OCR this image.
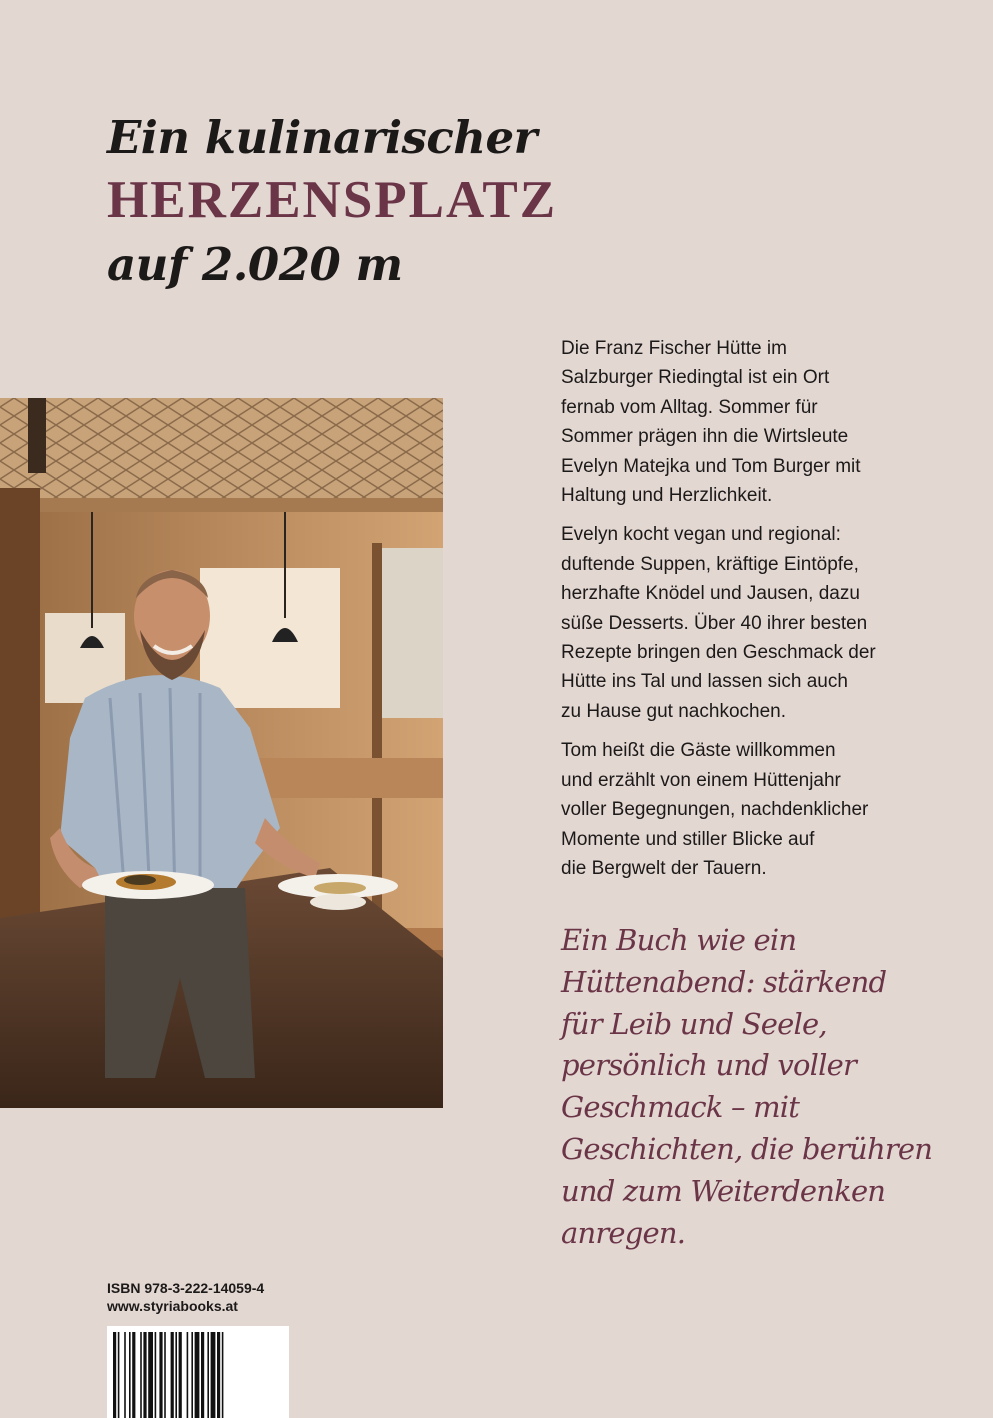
Ein kulinarischer
HERZENSPLATZ
auf 2.020 m

Die Franz Fischer Hütte im
Salzburger Riedingtal ist ein Ort
fernab vom Alltag. Sommer für
Sommer prägen ihn die Wirtsleute
Evelyn Matejka und Tom Burger mit
Haltung und Herzlichkeit.

Evelyn kocht vegan und regional:
duftende Suppen, kräftige Eintöpfe,
herzhafte Knödel und Jausen, dazu
süße Desserts. Über 40 ihrer besten
Rezepte bringen den Geschmack der
Hütte ins Tal und lassen sich auch
zu Hause gut nachkochen.

Tom heißt die Gäste willkommen
und erzählt von einem Hüttenjahr
voller Begegnungen, nachdenklicher
Momente und stiller Blicke auf
die Bergwelt der Tauern.

Ein Buch wie ein
Hüttenabend: stärkend
für Leib und Seele,
persönlich und voller
Geschmack – mit
Geschichten, die berühren
und zum Weiterdenken
anregen.
ISBN 978-3-222-14059-4
www.styriabooks.at
